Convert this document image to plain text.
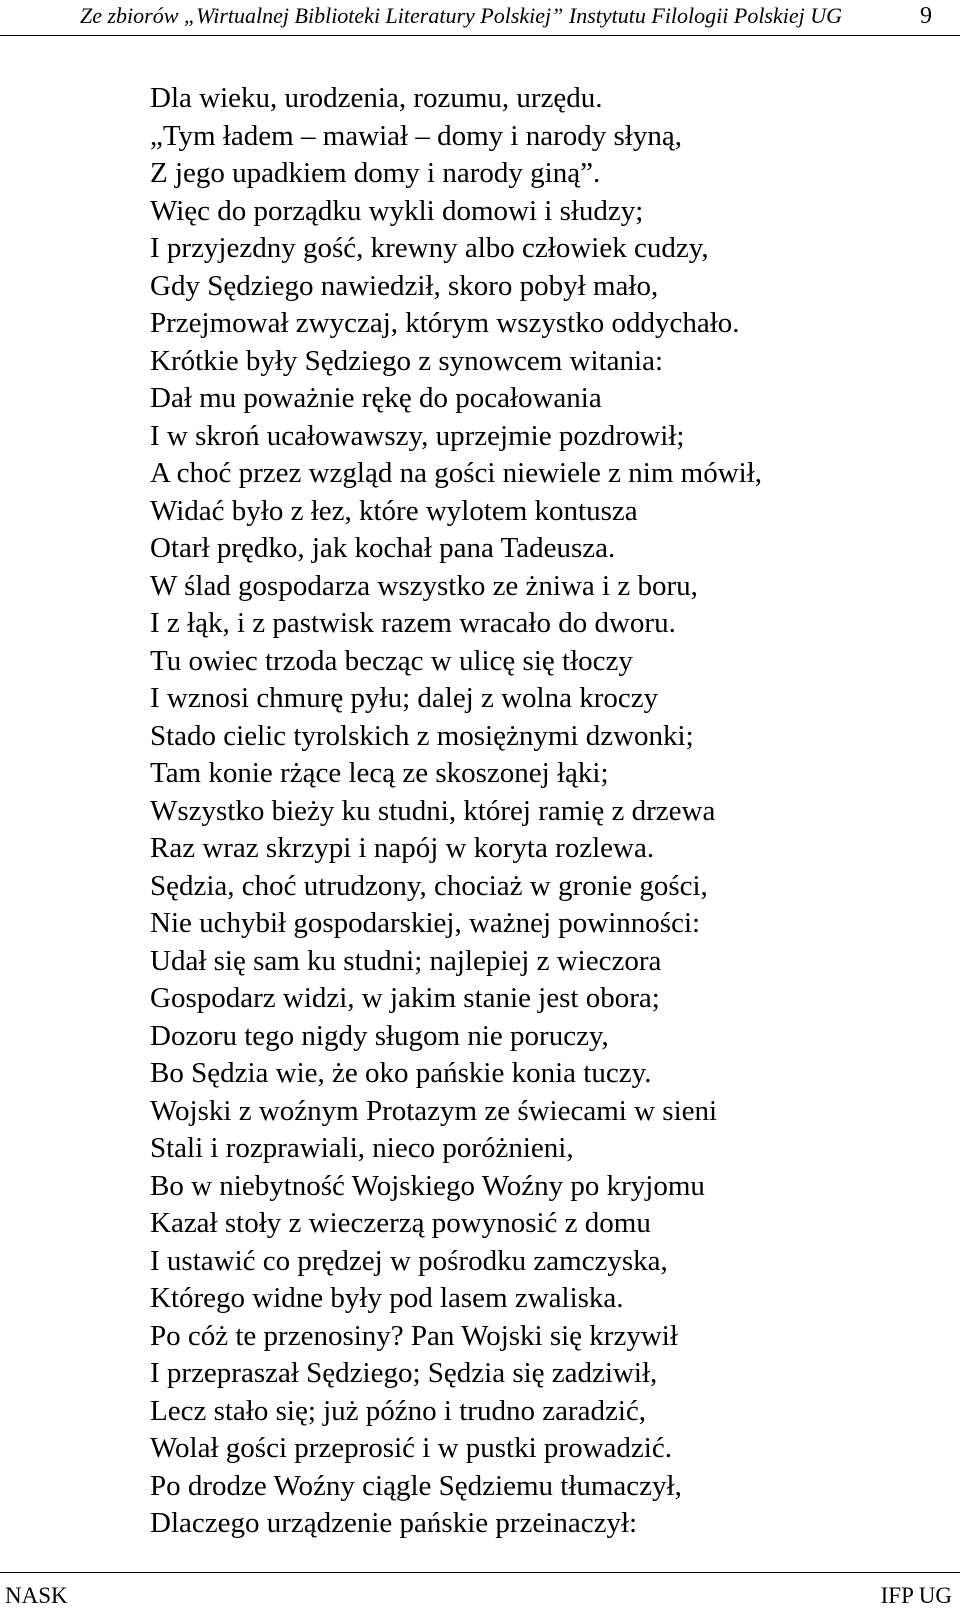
Ze zbiorów „Wirtualnej Biblioteki Literatury Polskiej” Instytutu Filologii Polskiej UG	9
Dla wieku, urodzenia, rozumu, urzędu.
„Tym ładem – mawiał – domy i narody słyną,
Z jego upadkiem domy i narody giną”.
Więc do porządku wykli domowi i słudzy;
I przyjezdny gość, krewny albo człowiek cudzy,
Gdy Sędziego nawiedził, skoro pobył mało,
Przejmował zwyczaj, którym wszystko oddychało.
Krótkie były Sędziego z synowcem witania:
Dał mu poważnie rękę do pocałowania
I w skroń ucałowawszy, uprzejmie pozdrowił;
A choć przez wzgląd na gości niewiele z nim mówił,
Widać było z łez, które wylotem kontusza
Otarł prędko, jak kochał pana Tadeusza.
W ślad gospodarza wszystko ze żniwa i z boru,
I z łąk, i z pastwisk razem wracało do dworu.
Tu owiec trzoda becząc w ulicę się tłoczy
I wznosi chmurę pyłu; dalej z wolna kroczy
Stado cielic tyrolskich z mosiężnymi dzwonki;
Tam konie rżące lecą ze skoszonej łąki;
Wszystko bieży ku studni, której ramię z drzewa
Raz wraz skrzypi i napój w koryta rozlewa.
Sędzia, choć utrudzony, chociaż w gronie gości,
Nie uchybił gospodarskiej, ważnej powinności:
Udał się sam ku studni; najlepiej z wieczora
Gospodarz widzi, w jakim stanie jest obora;
Dozoru tego nigdy sługom nie poruczy,
Bo Sędzia wie, że oko pańskie konia tuczy.
Wojski z woźnym Protazym ze świecami w sieni
Stali i rozprawiali, nieco poróżnieni,
Bo w niebytność Wojskiego Woźny po kryjomu
Kazał stoły z wieczerzą powynosić z domu
I ustawić co prędzej w pośrodku zamczyska,
Którego widne były pod lasem zwaliska.
Po cóż te przenosiny? Pan Wojski się krzywił
I przepraszał Sędziego; Sędzia się zadziwił,
Lecz stało się; już późno i trudno zaradzić,
Wolał gości przeprosić i w pustki prowadzić.
Po drodze Woźny ciągle Sędziemu tłumaczył,
Dlaczego urządzenie pańskie przeinaczył:
NASK	IFP UG
